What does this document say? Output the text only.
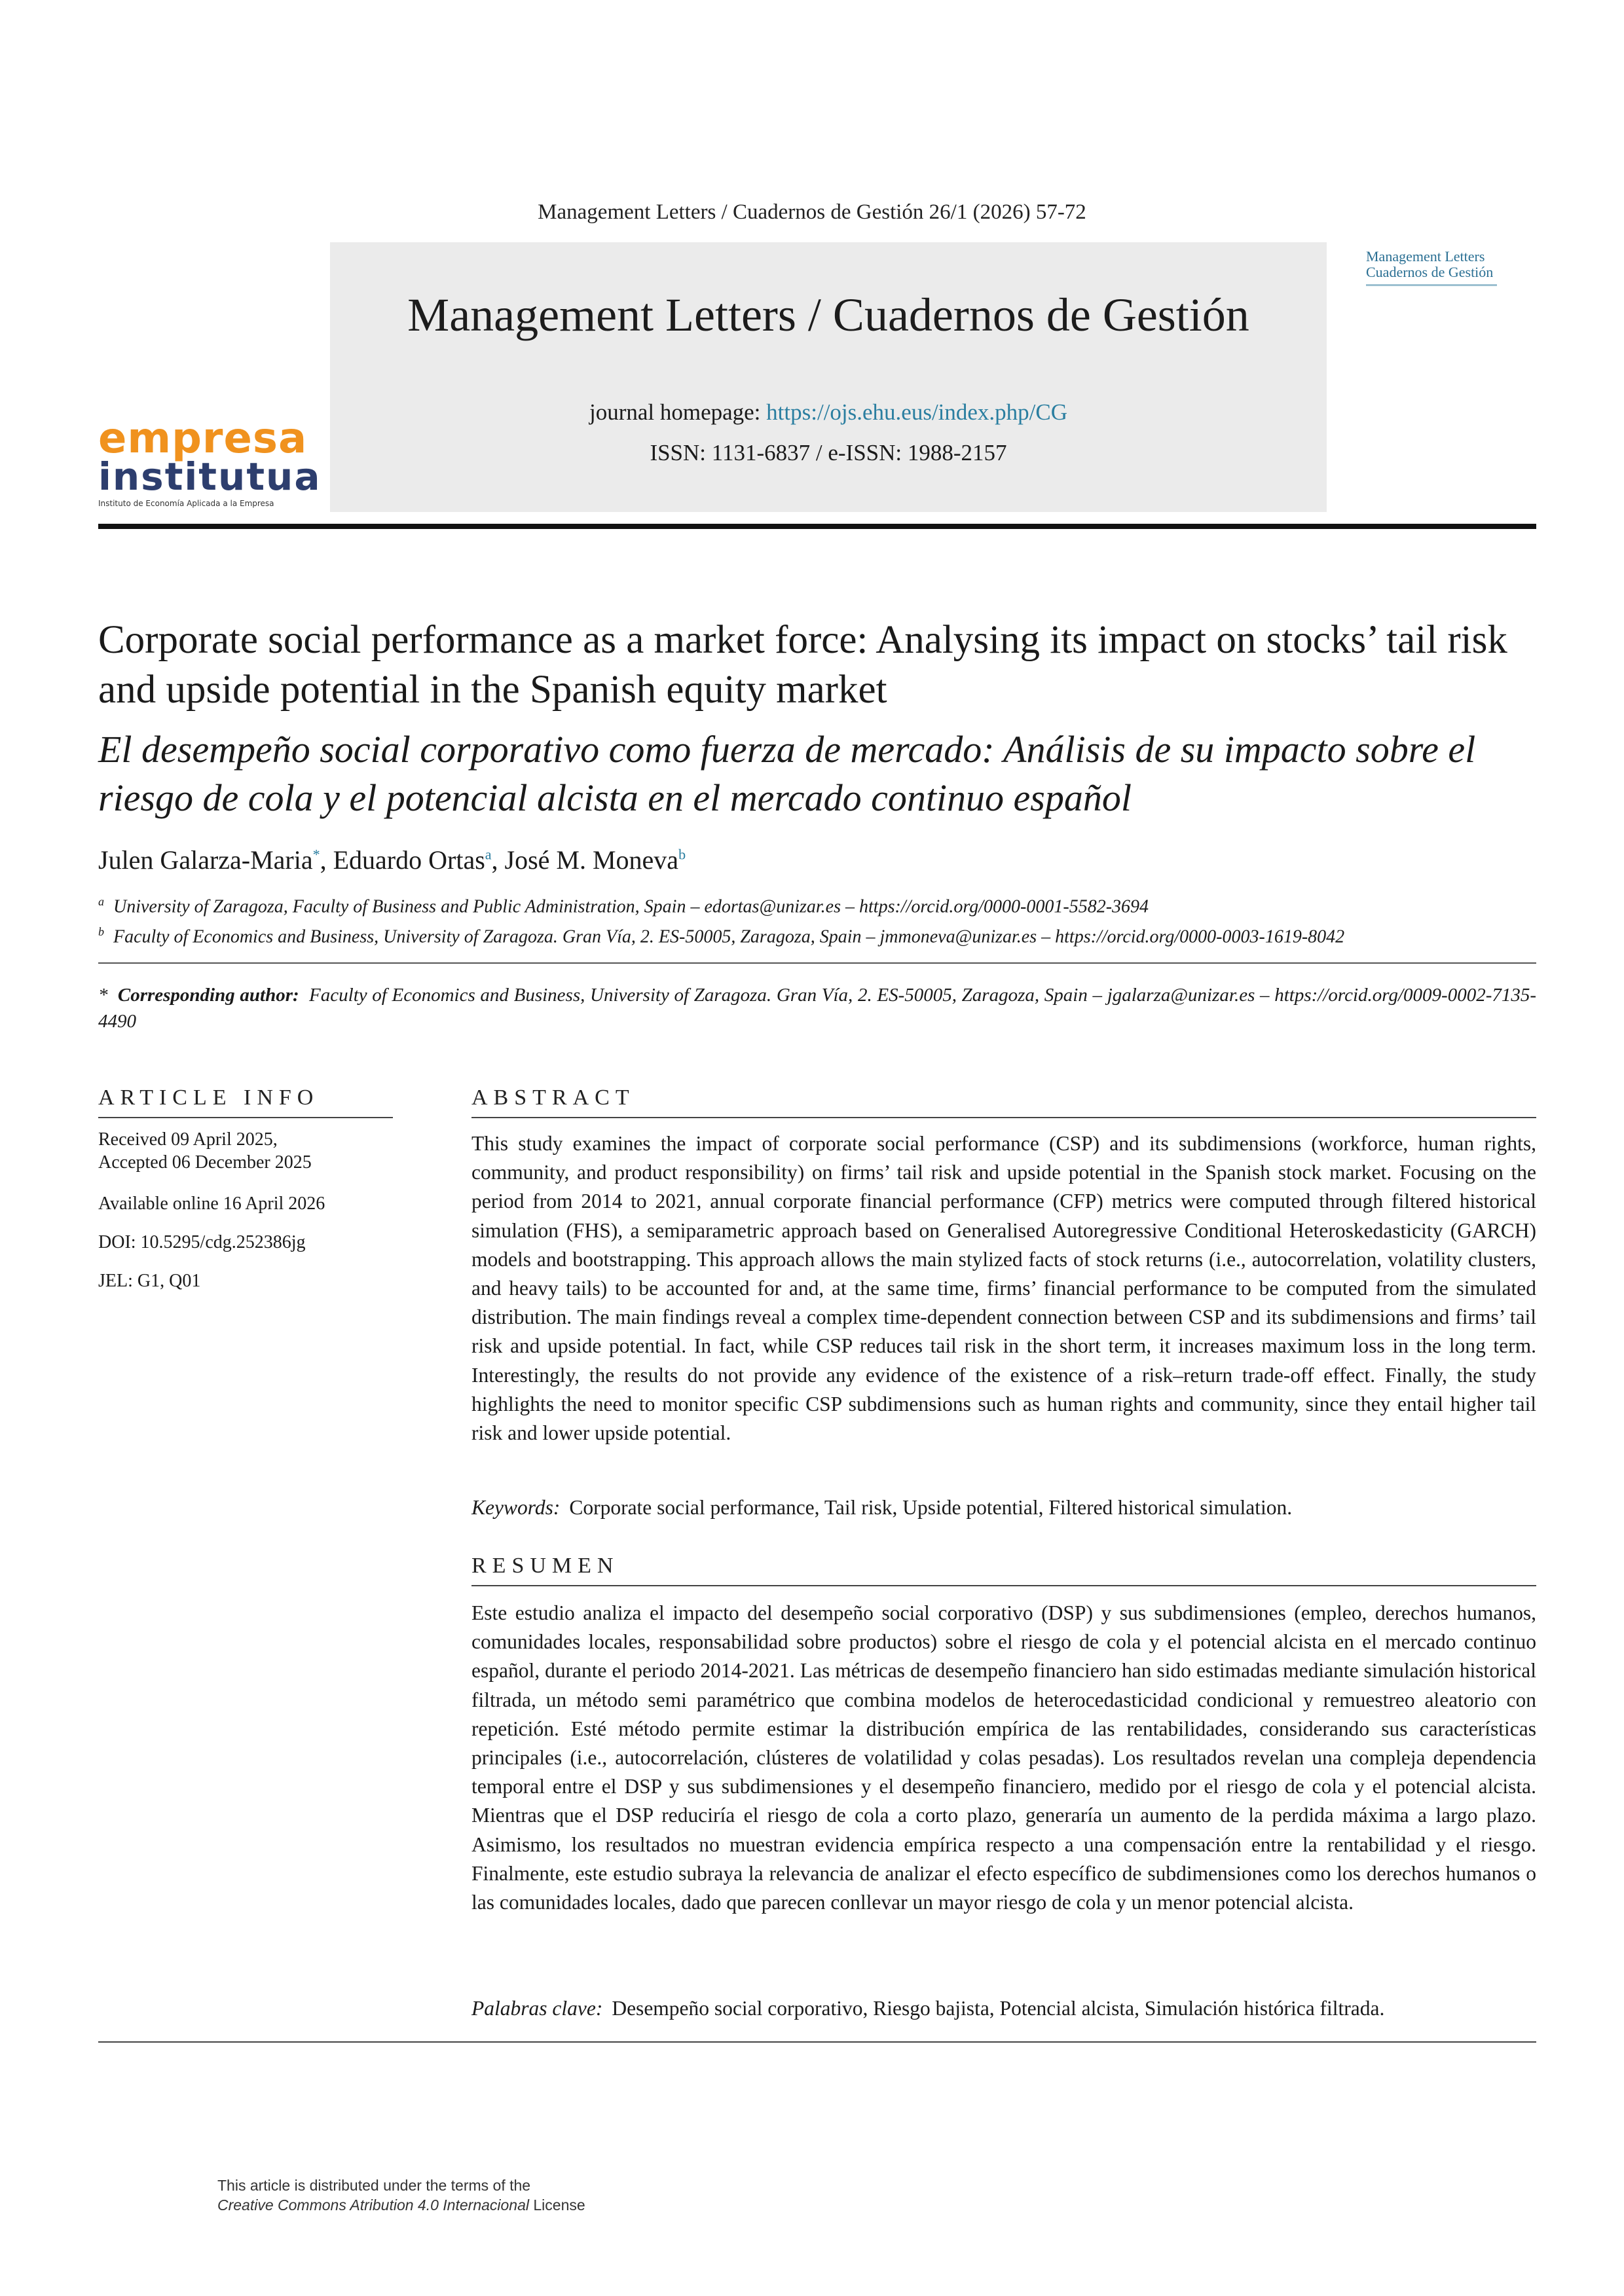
Management Letters / Cuadernos de Gestión 26/1 (2026) 57-72
Management Letters / Cuadernos de Gestión
journal homepage: https://ojs.ehu.eus/index.php/CG
ISSN: 1131-6837 / e-ISSN: 1988-2157
empresa
institutua
Instituto de Economía Aplicada a la Empresa
Management Letters
Cuadernos de Gestión
Corporate social performance as a market force: Analysing its impact on stocks’ tail risk and upside potential in the Spanish equity market
El desempeño social corporativo como fuerza de mercado: Análisis de su impacto sobre el riesgo de cola y el potencial alcista en el mercado continuo español
Julen Galarza-Maria*, Eduardo Ortas$^a$, José M. Moneva$^b$
$^a$ University of Zaragoza, Faculty of Business and Public Administration, Spain – edortas@unizar.es – https://orcid.org/0000-0001-5582-3694
$^b$ Faculty of Economics and Business, University of Zaragoza. Gran Vía, 2. ES-50005, Zaragoza, Spain – jmmoneva@unizar.es – https://orcid.org/0000-0003-1619-8042
* Corresponding author: Faculty of Economics and Business, University of Zaragoza. Gran Vía, 2. ES-50005, Zaragoza, Spain – jgalarza@unizar.es – https://orcid.org/0009-0002-7135-4490
ARTICLE INFO
Received 09 April 2025,
Accepted 06 December 2025
Available online 16 April 2026
DOI: 10.5295/cdg.252386jg
JEL: G1, Q01
ABSTRACT
This study examines the impact of corporate social performance (CSP) and its subdimensions (workforce, human rights, community, and product responsibility) on firms’ tail risk and upside potential in the Spanish stock market. Focusing on the period from 2014 to 2021, annual corporate financial performance (CFP) metrics were computed through filtered historical simulation (FHS), a semiparametric approach based on Generalised Autoregressive Conditional Heteroskedasticity (GARCH) models and bootstrapping. This approach allows the main stylized facts of stock returns (i.e., autocorrelation, volatility clusters, and heavy tails) to be accounted for and, at the same time, firms’ financial performance to be computed from the simulated distribution. The main findings reveal a complex time-dependent connection between CSP and its subdimensions and firms’ tail risk and upside potential. In fact, while CSP reduces tail risk in the short term, it increases maximum loss in the long term. Interestingly, the results do not provide any evidence of the existence of a risk–return trade-off effect. Finally, the study highlights the need to monitor specific CSP subdimensions such as human rights and community, since they entail higher tail risk and lower upside potential.
Keywords: Corporate social performance, Tail risk, Upside potential, Filtered historical simulation.
RESUMEN
Este estudio analiza el impacto del desempeño social corporativo (DSP) y sus subdimensiones (empleo, derechos humanos, comunidades locales, responsabilidad sobre productos) sobre el riesgo de cola y el potencial alcista en el mercado continuo español, durante el periodo 2014-2021. Las métricas de desempeño financiero han sido estimadas mediante simulación historical filtrada, un método semi paramétrico que combina modelos de heterocedasticidad condicional y remuestreo aleatorio con repetición. Esté método permite estimar la distribución empírica de las rentabilidades, considerando sus características principales (i.e., autocorrelación, clústeres de volatilidad y colas pesadas). Los resultados revelan una compleja dependencia temporal entre el DSP y sus subdimensiones y el desempeño financiero, medido por el riesgo de cola y el potencial alcista. Mientras que el DSP reduciría el riesgo de cola a corto plazo, generaría un aumento de la perdida máxima a largo plazo. Asimismo, los resultados no muestran evidencia empírica respecto a una compensación entre la rentabilidad y el riesgo. Finalmente, este estudio subraya la relevancia de analizar el efecto específico de subdimensiones como los derechos humanos o las comunidades locales, dado que parecen conllevar un mayor riesgo de cola y un menor potencial alcista.
Palabras clave: Desempeño social corporativo, Riesgo bajista, Potencial alcista, Simulación histórica filtrada.
This article is distributed under the terms of the
Creative Commons Atribution 4.0 Internacional License
